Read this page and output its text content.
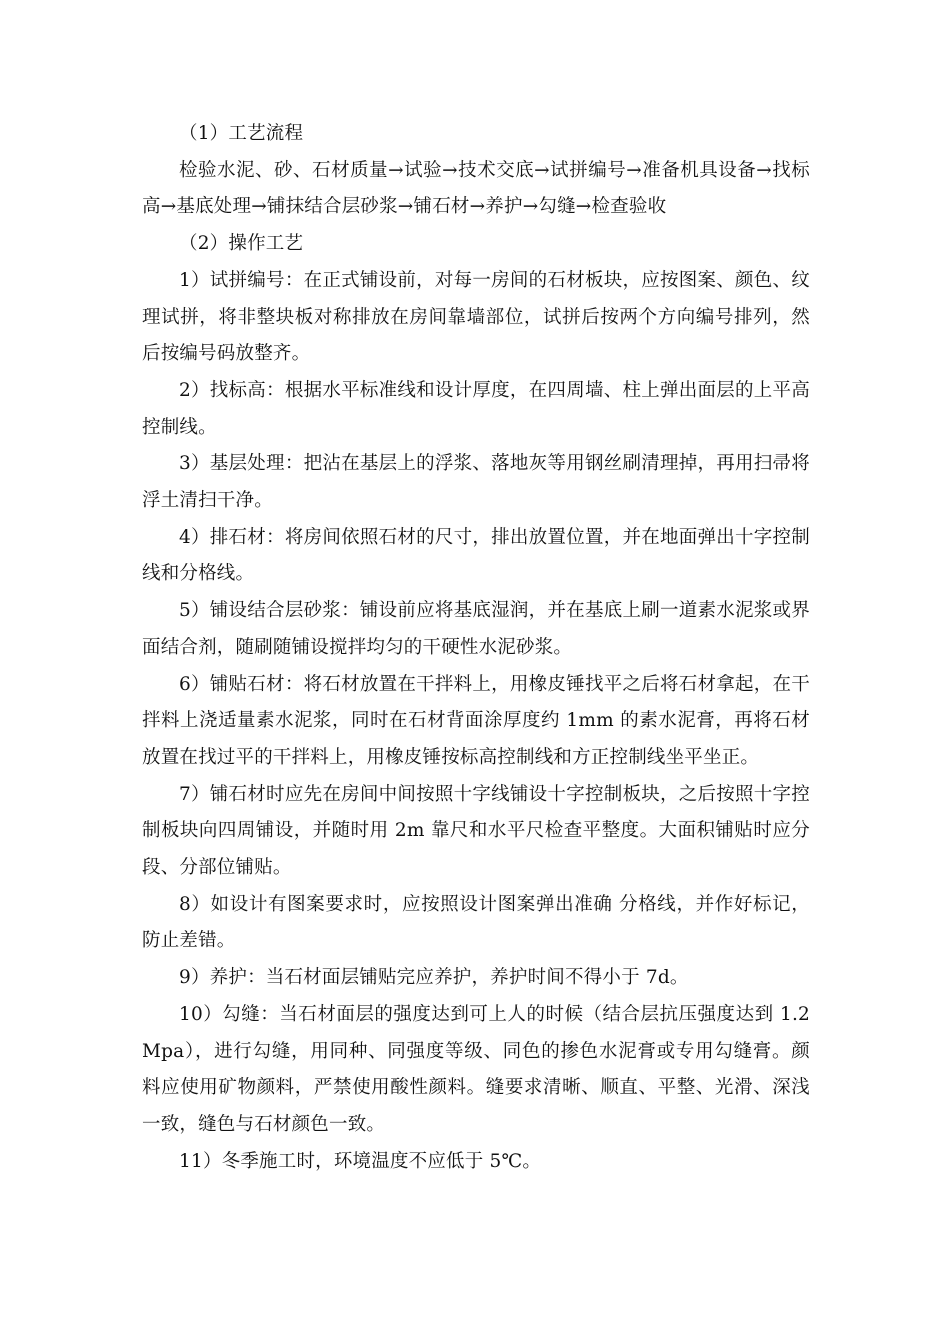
（1）工艺流程

检验水泥、砂、石材质量→试验→技术交底→试拼编号→准备机具设备→找标高→基底处理→铺抹结合层砂浆→铺石材→养护→勾缝→检查验收

（2）操作工艺

1）试拼编号：在正式铺设前，对每一房间的石材板块，应按图案、颜色、纹理试拼，将非整块板对称排放在房间靠墙部位，试拼后按两个方向编号排列，然后按编号码放整齐。

2）找标高：根据水平标准线和设计厚度，在四周墙、柱上弹出面层的上平高控制线。

3）基层处理：把沾在基层上的浮浆、落地灰等用钢丝刷清理掉，再用扫帚将浮土清扫干净。

4）排石材：将房间依照石材的尺寸，排出放置位置，并在地面弹出十字控制线和分格线。

5）铺设结合层砂浆：铺设前应将基底湿润，并在基底上刷一道素水泥浆或界面结合剂，随刷随铺设搅拌均匀的干硬性水泥砂浆。

6）铺贴石材：将石材放置在干拌料上，用橡皮锤找平之后将石材拿起，在干拌料上浇适量素水泥浆，同时在石材背面涂厚度约 1mm 的素水泥膏，再将石材放置在找过平的干拌料上，用橡皮锤按标高控制线和方正控制线坐平坐正。

7）铺石材时应先在房间中间按照十字线铺设十字控制板块，之后按照十字控制板块向四周铺设，并随时用 2m 靠尺和水平尺检查平整度。大面积铺贴时应分段、分部位铺贴。

8）如设计有图案要求时，应按照设计图案弹出准确 分格线，并作好标记，防止差错。

9）养护：当石材面层铺贴完应养护，养护时间不得小于 7d。

10）勾缝：当石材面层的强度达到可上人的时候（结合层抗压强度达到 1.2Mpa），进行勾缝，用同种、同强度等级、同色的掺色水泥膏或专用勾缝膏。颜料应使用矿物颜料，严禁使用酸性颜料。缝要求清晰、顺直、平整、光滑、深浅一致，缝色与石材颜色一致。

11）冬季施工时，环境温度不应低于 5℃。
